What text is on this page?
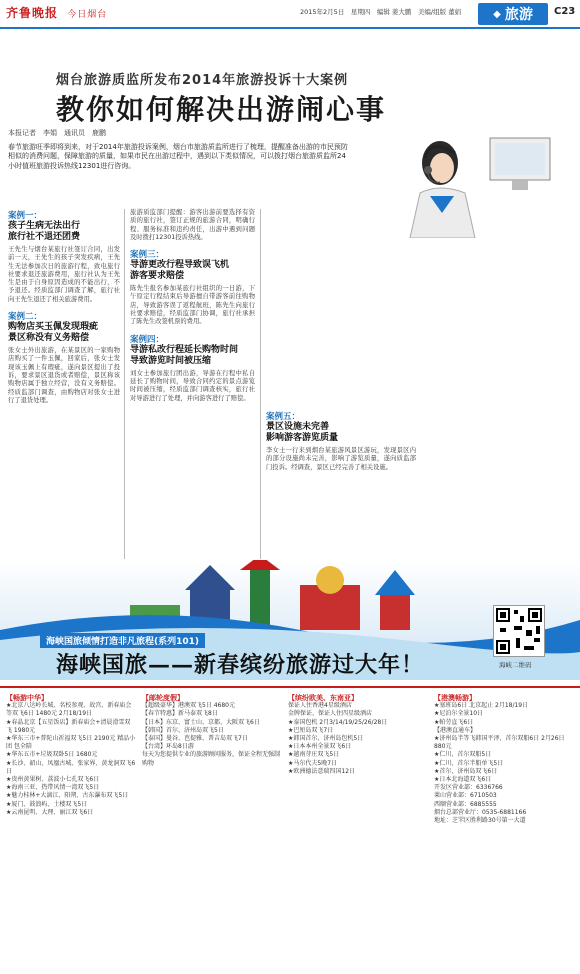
齐鲁晚报 今日烟台	2015年2月5日　星期四　编辑 姜大鹏　美编/组版 董娟	◆ 旅游 C23
烟台旅游质监所发布2014年旅游投诉十大案例
教你如何解决出游闹心事
本报记者　李娟　通讯员　鹿鹏
春节旅游旺季即将到来，对于2014年旅游投诉案例，烟台市旅游质监所进行了梳理，提醒准备出游的市民预防相似的消费问题，保障旅游的质量，如果市民在出游过程中，遇到以下类似情况，可以拨打烟台旅游质监所24小时值班旅游投诉热线12301进行咨询。
案例一：
孩子生病无法出行
旅行社不退还团费
王先生与烟台某旅行社签订合同，出发前一天，王先生的孩子突发疾病，王先生无法参加次日的旅游行程，致电旅行社要求退还旅游费用，旅行社认为王先生是由于自身原因造成的不能出行，不予退还。经质监部门调查了解，旅行社向王先生退还了相关旅游费用。
案例二：
购物店买玉佩发现瑕疵
景区称没有义务赔偿
张女士外出旅游，在某景区的一家购物店购买了一件玉佩，回家后，张女士发现该玉佩上有瑕疵，遂向景区提出了投诉，要求景区退货或者赔偿，景区称该购物店属于独立经营，没有义务赔偿。经质监部门调查，由购物店对张女士进行了退货处理。
旅游质监部门提醒：游客出游前要选择有资质的旅行社，签订正规的旅游合同，明确行程、服务标准和违约责任，出游中遇到问题及时拨打12301投诉热线。
案例三：
导游更改行程导致误飞机
游客要求赔偿
陈先生报名参加某旅行社组织的一日游，下午原定行程结束后导游擅自带游客前往购物店，导致游客误了返程航班，陈先生向旅行社要求赔偿，经质监部门协调，旅行社承担了陈先生改签机票的费用。
案例四：
导游私改行程延长购物时间
导致游览时间被压缩
刘女士参加旅行团出游，导游在行程中私自延长了购物时间，导致合同约定的景点游览时间被压缩，经质监部门调查核实，旅行社对导游进行了处理，并向游客进行了赔偿。
案例五：
景区设施未完善
影响游客游览质量
李女士一行来到烟台某旅游风景区游玩，发现景区内的部分设施尚未完善，影响了游览质量，遂向质监部门投诉。经调查，景区已经完善了相关设施。
海峡国旅倾情打造非凡旅程(系列101)
海峡国旅——新春缤纷旅游过大年！	海峡二维码
【畅游中华】
★北京八达岭长城、名校参观、故宫、新春庙会等双飞6日 1480元 2月18/19日
★春晶北京【五星饭店】新春庙会+清晨滑雪双飞 1980元
★华东三市+普陀山祈福双飞5日 2190元 精品小团 包全陪
★华东五市+垃圾双卧5日 1680元
★长沙、韶山、凤凰古城、张家界、黄龙洞双飞6日
★贵州黄果树、荔波小七孔双飞6日
★海南三亚、热带风情一湾双飞5日
★魅力桂林+大漓江、阳朔、古东瀑布双飞5日
★厦门、鼓浪屿、土楼双飞5日
★云南昆明、大理、丽江双飞6日
【邮轮度假】
【超级豪华】港澳双飞5日 4680元
【春节特惠】新马泰双飞8日
【日本】东京、富士山、京都、大阪双飞6日
【韩国】首尔、济州岛双飞5日
【泰国】曼谷、芭提雅、普吉岛双飞7日
【台湾】环岛8日游
每天为您提供专业的旅游顾问服务，保证全程无强制购物
【缤纷欧美、东南亚】
保证人住香港4星级酒店
金牌保证、保证人住四星级酒店
★泰国包机 2月3/14/19/25/26/28日
★巴厘岛双飞7日
★韩国首尔、济州岛包机5日
★日本本州全景双飞6日
★越南芽庄双飞5日
★马尔代夫5晚7日
★欧洲德法意瑞四国12日
【港澳畅游】
★塞班岛6日 北京起止 2月18/19日
★尼泊尔全景10日
★帕劳直飞6日
【港澳直通车】
★济州岛半等飞韩国平泽、首尔双船6日 2月26日 880元
★仁川、首尔双船5日
★仁川、首尔半船单飞5日
★首尔、济州岛双飞6日
★日本北海道双飞6日
开发区营业部：6336766
莱山营业部：6710503
西顺营业部：6885555
烟台总部营业厅：0535-6881166
地址：芝罘区胜利路30号第一大道
